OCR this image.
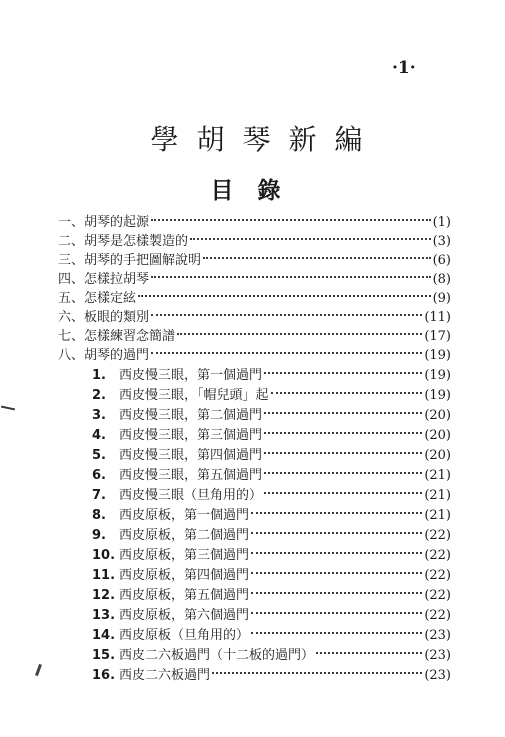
·1·
學胡琴新編
目錄
一、 胡琴的起源	(1)
二、 胡琴是怎樣製造的	(3)
三、 胡琴的手把圖解說明	(6)
四、 怎樣拉胡琴	(8)
五、 怎樣定絃	(9)
六、 板眼的類別	(11)
七、 怎樣練習念簡譜	(17)
八、 胡琴的過門	(19)
1.	西皮慢三眼，第一個過門	(19)
2.	西皮慢三眼，「帽兒頭」起	(19)
3.	西皮慢三眼，第二個過門	(20)
4.	西皮慢三眼，第三個過門	(20)
5.	西皮慢三眼，第四個過門	(20)
6.	西皮慢三眼，第五個過門	(21)
7.	西皮慢三眼（旦角用的）	(21)
8.	西皮原板，第一個過門	(21)
9.	西皮原板，第二個過門	(22)
10. 西皮原板，第三個過門	(22)
11. 西皮原板，第四個過門	(22)
12. 西皮原板，第五個過門	(22)
13. 西皮原板，第六個過門	(22)
14. 西皮原板（旦角用的）	(23)
15. 西皮二六板過門（十二板的過門）	(23)
16. 西皮二六板過門	(23)
